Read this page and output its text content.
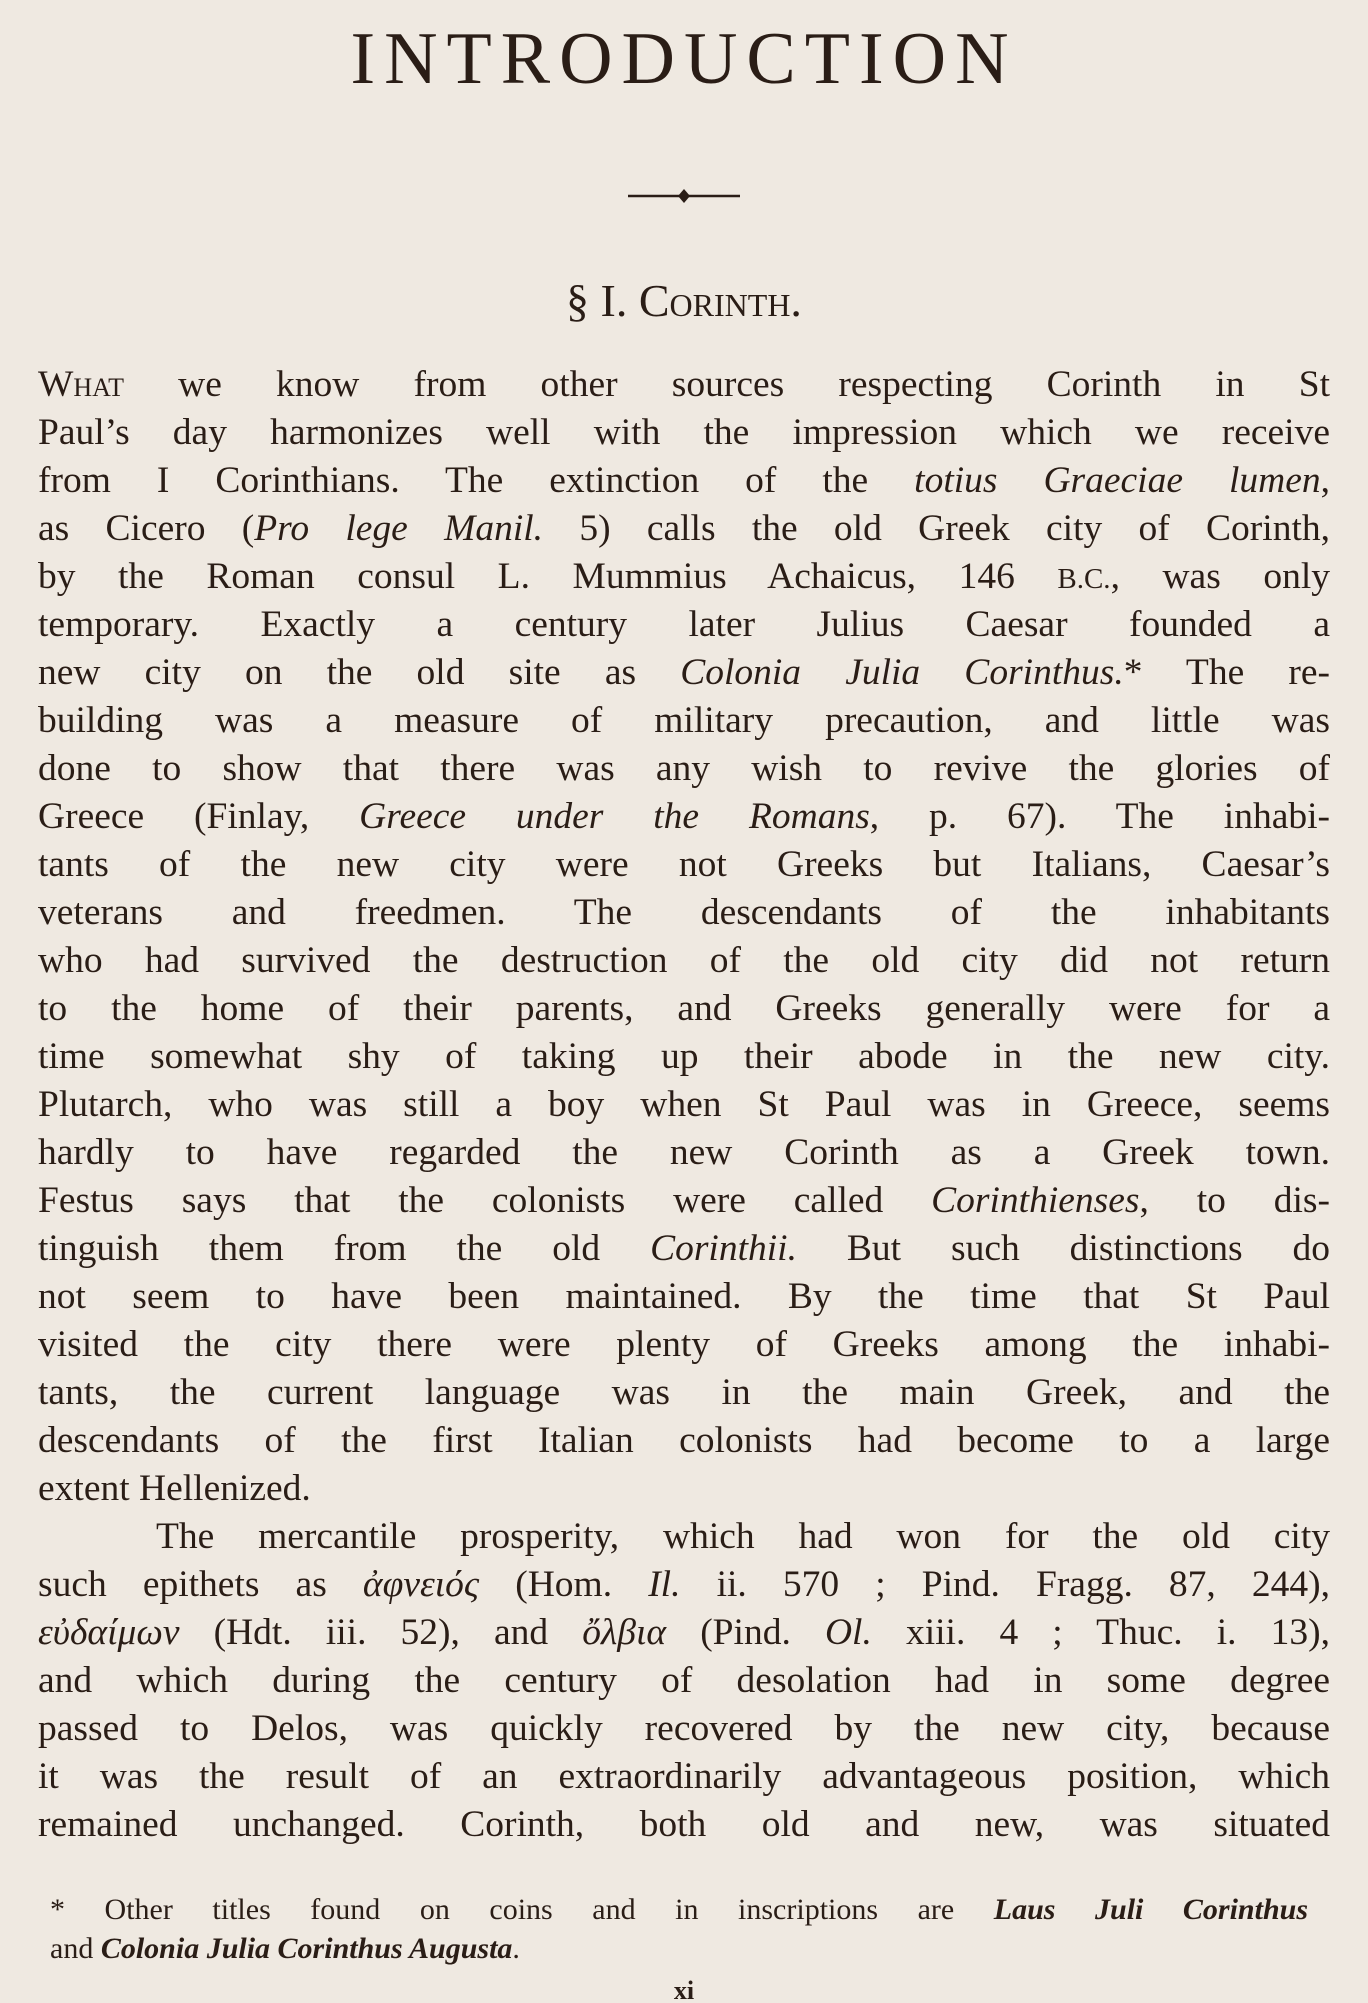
INTRODUCTION
§ I. Corinth.
What we know from other sources respecting Corinth in St
Paul’s day harmonizes well with the impression which we receive
from I Corinthians. The extinction of the totius Graeciae lumen,
as Cicero (Pro lege Manil. 5) calls the old Greek city of Corinth,
by the Roman consul L. Mummius Achaicus, 146 B.C., was only
temporary. Exactly a century later Julius Caesar founded a
new city on the old site as Colonia Julia Corinthus.* The re-
building was a measure of military precaution, and little was
done to show that there was any wish to revive the glories of
Greece (Finlay, Greece under the Romans, p. 67). The inhabi-
tants of the new city were not Greeks but Italians, Caesar’s
veterans and freedmen. The descendants of the inhabitants
who had survived the destruction of the old city did not return
to the home of their parents, and Greeks generally were for a
time somewhat shy of taking up their abode in the new city.
Plutarch, who was still a boy when St Paul was in Greece, seems
hardly to have regarded the new Corinth as a Greek town.
Festus says that the colonists were called Corinthienses, to dis-
tinguish them from the old Corinthii. But such distinctions do
not seem to have been maintained. By the time that St Paul
visited the city there were plenty of Greeks among the inhabi-
tants, the current language was in the main Greek, and the
descendants of the first Italian colonists had become to a large
extent Hellenized.
The mercantile prosperity, which had won for the old city
such epithets as ἀφνειός (Hom. Il. ii. 570 ; Pind. Fragg. 87, 244),
εὐδαίμων (Hdt. iii. 52), and ὄλβια (Pind. Ol. xiii. 4 ; Thuc. i. 13),
and which during the century of desolation had in some degree
passed to Delos, was quickly recovered by the new city, because
it was the result of an extraordinarily advantageous position, which
remained unchanged. Corinth, both old and new, was situated
* Other titles found on coins and in inscriptions are Laus Juli Corinthus
and Colonia Julia Corinthus Augusta.
xi
